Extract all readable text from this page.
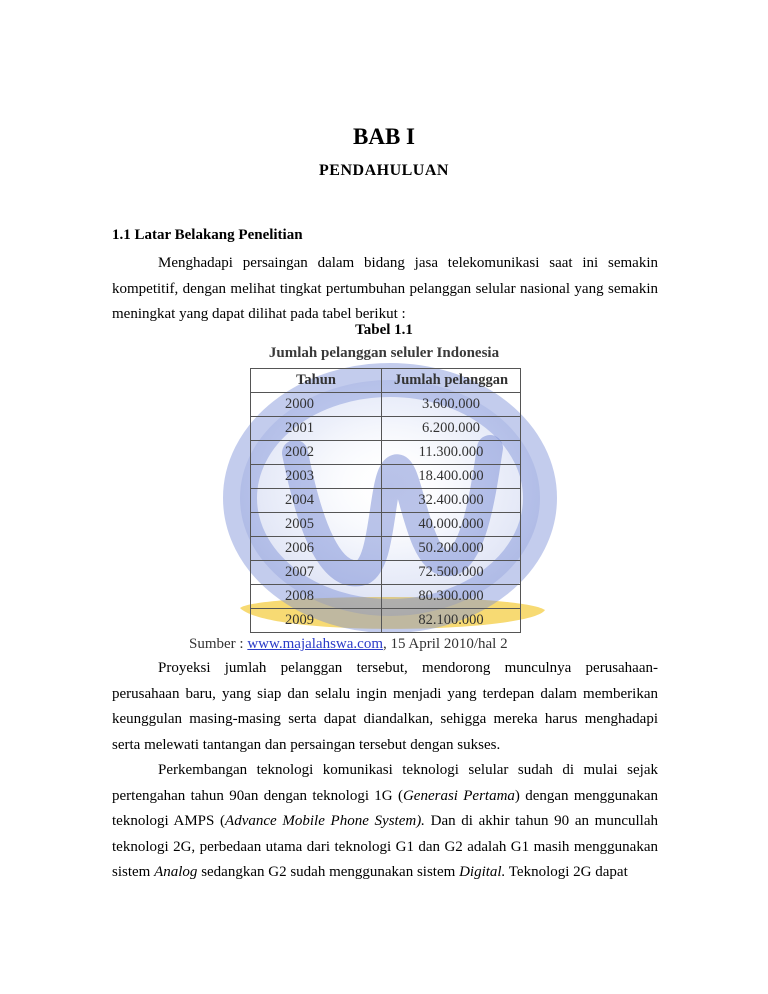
BAB I
PENDAHULUAN
1.1 Latar Belakang Penelitian

Menghadapi persaingan dalam bidang jasa telekomunikasi saat ini semakin kompetitif, dengan melihat tingkat pertumbuhan pelanggan selular nasional yang semakin meningkat yang dapat dilihat pada tabel berikut :

Tabel 1.1
Jumlah pelanggan seluler Indonesia
Tahun	Jumlah pelanggan
2000	3.600.000
2001	6.200.000
2002	11.300.000
2003	18.400.000
2004	32.400.000
2005	40.000.000
2006	50.200.000
2007	72.500.000
2008	80.300.000
2009	82.100.000
Sumber : www.majalahswa.com, 15 April 2010/hal 2

Proyeksi jumlah pelanggan tersebut, mendorong munculnya perusahaan-perusahaan baru, yang siap dan selalu ingin menjadi yang terdepan dalam memberikan keunggulan masing-masing serta dapat diandalkan, sehigga mereka harus menghadapi serta melewati tantangan dan persaingan tersebut dengan sukses.

Perkembangan teknologi komunikasi teknologi selular sudah di mulai sejak pertengahan tahun 90an dengan teknologi 1G (Generasi Pertama) dengan menggunakan teknologi AMPS (Advance Mobile Phone System). Dan di akhir tahun 90 an muncullah teknologi 2G, perbedaan utama dari teknologi G1 dan G2 adalah G1 masih menggunakan sistem Analog sedangkan G2 sudah menggunakan sistem Digital. Teknologi 2G dapat
